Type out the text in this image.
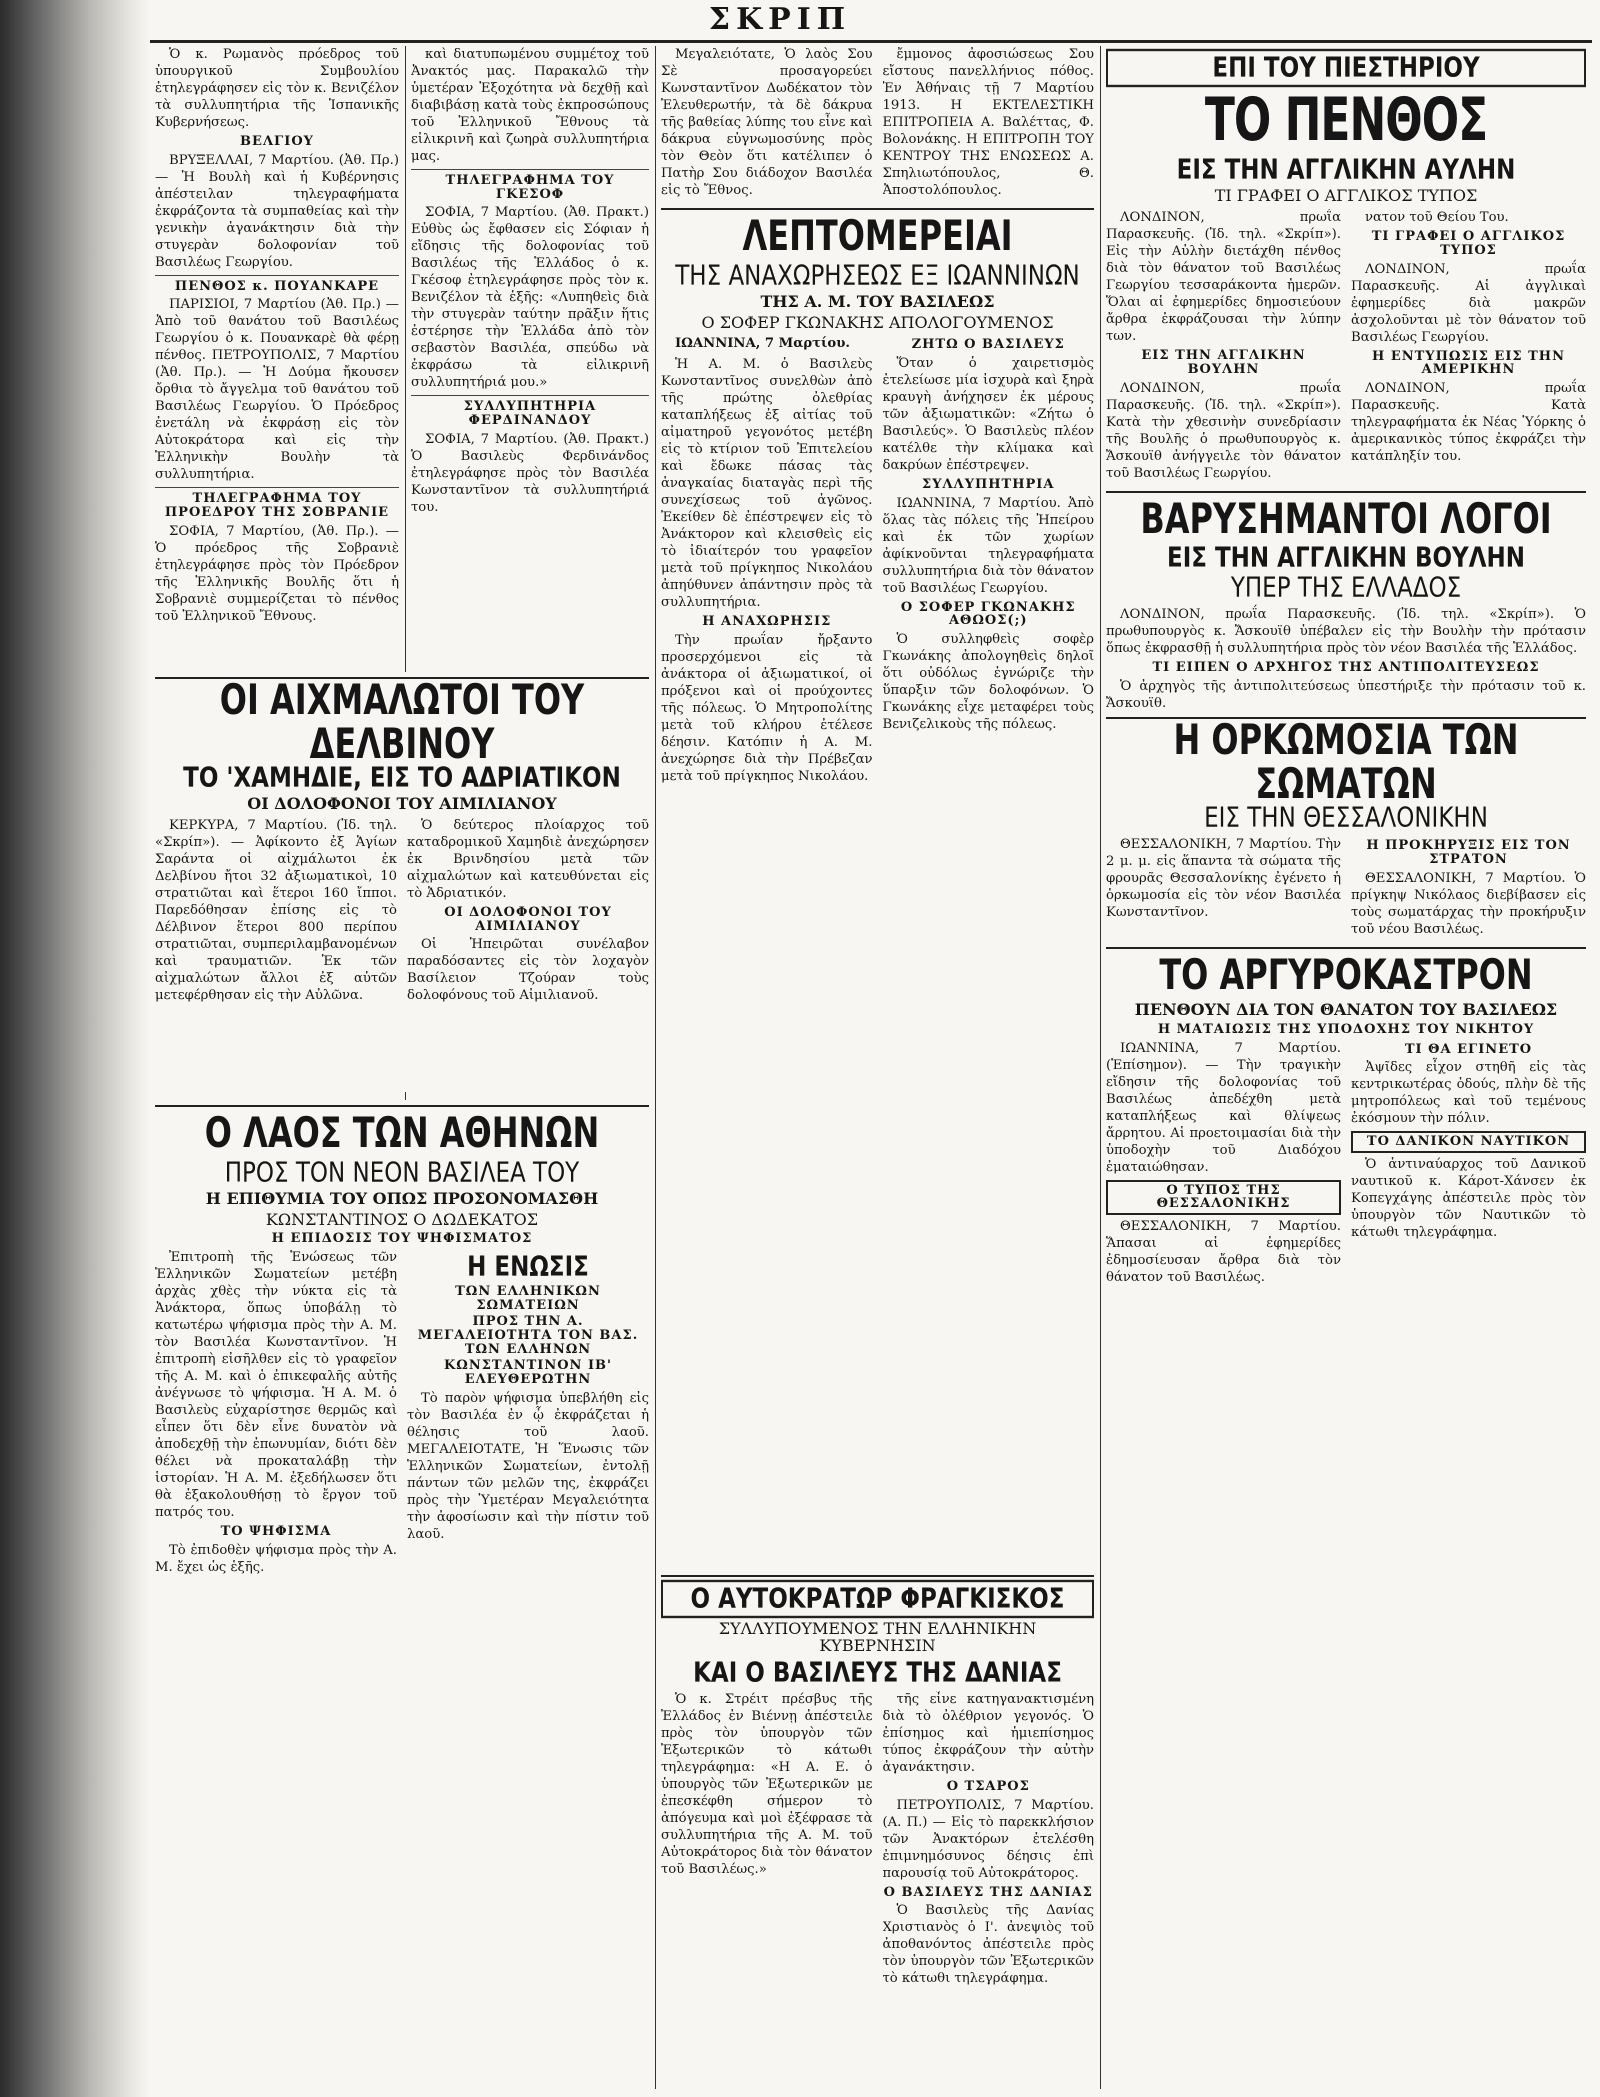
ΣΚΡΙΠ

Ὁ κ. Ρωμανὸς πρόεδρος τοῦ ὑπουργικοῦ Συμβουλίου ἐτηλεγράφησεν εἰς τὸν κ. Βενιζέλον τὰ συλλυπητήρια τῆς Ἰσπανικῆς Κυβερνήσεως.

ΒΕΛΓΙΟΥ

ΒΡΥΞΕΛΛΑΙ, 7 Μαρτίου. (Ἀθ. Πρ.) — Ἡ Βουλὴ καὶ ἡ Κυβέρνησις ἀπέστειλαν τηλεγραφήματα ἐκφράζοντα τὰ συμπαθείας καὶ τὴν γενικὴν ἀγανάκτησιν διὰ τὴν στυγερὰν δολοφονίαν τοῦ Βασιλέως Γεωργίου.

ΠΕΝΘΟΣ κ. ΠΟΥΑΝΚΑΡΕ

ΠΑΡΙΣΙΟΙ, 7 Μαρτίου (Ἀθ. Πρ.) — Ἀπὸ τοῦ θανάτου τοῦ Βασιλέως Γεωργίου ὁ κ. Πουανκαρὲ θὰ φέρῃ πένθος. ΠΕΤΡΟΥΠΟΛΙΣ, 7 Μαρτίου (Ἀθ. Πρ.). — Ἡ Δούμα ἤκουσεν ὄρθια τὸ ἄγγελμα τοῦ θανάτου τοῦ Βασιλέως Γεωργίου. Ὁ Πρόεδρος ἐνετάλη νὰ ἐκφράσῃ εἰς τὸν Αὐτοκράτορα καὶ εἰς τὴν Ἑλληνικὴν Βουλὴν τὰ συλλυπητήρια.

ΤΗΛΕΓΡΑΦΗΜΑ ΤΟΥ ΠΡΟΕΔΡΟΥ ΤΗΣ ΣΟΒΡΑΝΙΕ

ΣΟΦΙΑ, 7 Μαρτίου, (Ἀθ. Πρ.). — Ὁ πρόεδρος τῆς Σοβρανιὲ ἐτηλεγράφησε πρὸς τὸν Πρόεδρον τῆς Ἑλληνικῆς Βουλῆς ὅτι ἡ Σοβρανιὲ συμμερίζεται τὸ πένθος τοῦ Ἑλληνικοῦ Ἔθνους.

καὶ διατυπωμένου συμμέτοχ τοῦ Ἀνακτός μας. Παρακαλῶ τὴν ὑμετέραν Ἐξοχότητα νὰ δεχθῇ καὶ διαβιβάσῃ κατὰ τοὺς ἐκπροσώπους τοῦ Ἑλληνικοῦ Ἔθνους τὰ εἰλικρινῆ καὶ ζωηρὰ συλλυπητήρια μας.

ΤΗΛΕΓΡΑΦΗΜΑ ΤΟΥ ΓΚΕΣΟΦ

ΣΟΦΙΑ, 7 Μαρτίου. (Ἀθ. Πρακτ.) Εὐθὺς ὡς ἔφθασεν εἰς Σόφιαν ἡ εἴδησις τῆς δολοφονίας τοῦ Βασιλέως τῆς Ἑλλάδος ὁ κ. Γκέσοφ ἐτηλεγράφησε πρὸς τὸν κ. Βενιζέλον τὰ ἑξῆς: «Λυπηθεὶς διὰ τὴν στυγερὰν ταύτην πρᾶξιν ἥτις ἐστέρησε τὴν Ἑλλάδα ἀπὸ τὸν σεβαστὸν Βασιλέα, σπεύδω νὰ ἐκφράσω τὰ εἰλικρινῆ συλλυπητήριά μου.»

ΣΥΛΛΥΠΗΤΗΡΙΑ ΦΕΡΔΙΝΑΝΔΟΥ

ΣΟΦΙΑ, 7 Μαρτίου. (Ἀθ. Πρακτ.) Ὁ Βασιλεὺς Φερδινάνδος ἐτηλεγράφησε πρὸς τὸν Βασιλέα Κωνσταντῖνον τὰ συλλυπητήριά του.

ΟΙ ΑΙΧΜΑΛΩΤΟΙ ΤΟΥ ΔΕΛΒΙΝΟΥ
ΤΟ 'ΧΑΜΗΔΙΕ, ΕΙΣ ΤΟ ΑΔΡΙΑΤΙΚΟΝ
ΟΙ ΔΟΛΟΦΟΝΟΙ ΤΟΥ ΑΙΜΙΛΙΑΝΟΥ

ΚΕΡΚΥΡΑ, 7 Μαρτίου. (Ἰδ. τηλ. «Σκρίπ»). — Ἀφίκοντο ἐξ Ἁγίων Σαράντα οἱ αἰχμάλωτοι ἐκ Δελβίνου ἤτοι 32 ἀξιωματικοὶ, 10 στρατιῶται καὶ ἕτεροι 160 ἴπποι. Παρεδόθησαν ἐπίσης εἰς τὸ Δέλβινον ἕτεροι 800 περίπου στρατιῶται, συμπεριλαμβανομένων καὶ τραυματιῶν. Ἐκ τῶν αἰχμαλώτων ἄλλοι ἐξ αὐτῶν μετεφέρθησαν εἰς τὴν Αὐλῶνα.

Ὁ δεύτερος πλοίαρχος τοῦ καταδρομικοῦ Χαμηδιὲ ἀνεχώρησεν ἐκ Βρινδησίου μετὰ τῶν αἰχμαλώτων καὶ κατευθύνεται εἰς τὸ Ἀδριατικόν.

ΟΙ ΔΟΛΟΦΟΝΟΙ ΤΟΥ ΑΙΜΙΛΙΑΝΟΥ

Οἱ Ἠπειρῶται συνέλαβον παραδόσαντες εἰς τὸν λοχαγὸν Βασίλειον Τζούραν τοὺς δολοφόνους τοῦ Αἰμιλιανοῦ.

Ο ΛΑΟΣ ΤΩΝ ΑΘΗΝΩΝ
ΠΡΟΣ ΤΟΝ ΝΕΟΝ ΒΑΣΙΛΕΑ ΤΟΥ
Η ΕΠΙΘΥΜΙΑ ΤΟΥ ΟΠΩΣ ΠΡΟΣΟΝΟΜΑΣΘΗ
ΚΩΝΣΤΑΝΤΙΝΟΣ Ο ΔΩΔΕΚΑΤΟΣ
Η ΕΠΙΔΟΣΙΣ ΤΟΥ ΨΗΦΙΣΜΑΤΟΣ

Ἐπιτροπὴ τῆς Ἑνώσεως τῶν Ἑλληνικῶν Σωματείων μετέβη ἀρχὰς χθὲς τὴν νύκτα εἰς τὰ Ἀνάκτορα, ὅπως ὑποβάλῃ τὸ κατωτέρω ψήφισμα πρὸς τὴν Α. Μ. τὸν Βασιλέα Κωνσταντῖνον. Ἡ ἐπιτροπὴ εἰσῆλθεν εἰς τὸ γραφεῖον τῆς Α. Μ. καὶ ὁ ἐπικεφαλῆς αὐτῆς ἀνέγνωσε τὸ ψήφισμα. Ἡ Α. Μ. ὁ Βασιλεὺς εὐχαρίστησε θερμῶς καὶ εἶπεν ὅτι δὲν εἶνε δυνατὸν νὰ ἀποδεχθῇ τὴν ἐπωνυμίαν, διότι δὲν θέλει νὰ προκαταλάβῃ τὴν ἱστορίαν. Ἡ Α. Μ. ἐξεδήλωσεν ὅτι θὰ ἐξακολουθήσῃ τὸ ἔργον τοῦ πατρός του.

ΤΟ ΨΗΦΙΣΜΑ

Τὸ ἐπιδοθὲν ψήφισμα πρὸς τὴν Α. Μ. ἔχει ὡς ἑξῆς.

Η ΕΝΩΣΙΣ
ΤΩΝ ΕΛΛΗΝΙΚΩΝ ΣΩΜΑΤΕΙΩΝ
ΠΡΟΣ ΤΗΝ Α. ΜΕΓΑΛΕΙΟΤΗΤΑ ΤΟΝ ΒΑΣ. ΤΩΝ ΕΛΛΗΝΩΝ
ΚΩΝΣΤΑΝΤΙΝΟΝ ΙΒ' ΕΛΕΥΘΕΡΩΤΗΝ

Τὸ παρὸν ψήφισμα ὑπεβλήθη εἰς τὸν Βασιλέα ἐν ᾧ ἐκφράζεται ἡ θέλησις τοῦ λαοῦ. ΜΕΓΑΛΕΙΟΤΑΤΕ, Ἡ Ἕνωσις τῶν Ἑλληνικῶν Σωματείων, ἐντολῇ πάντων τῶν μελῶν της, ἐκφράζει πρὸς τὴν Ὑμετέραν Μεγαλειότητα τὴν ἀφοσίωσιν καὶ τὴν πίστιν τοῦ λαοῦ.

Μεγαλειότατε, Ὁ λαὸς Σου Σὲ προσαγορεύει Κωνσταντῖνον Δωδέκατον τὸν Ἐλευθερωτήν, τὰ δὲ δάκρυα τῆς βαθείας λύπης του εἶνε καὶ δάκρυα εὐγνωμοσύνης πρὸς τὸν Θεὸν ὅτι κατέλιπεν ὁ Πατὴρ Σου διάδοχον Βασιλέα εἰς τὸ Ἔθνος.

ἔμμονος ἀφοσιώσεως Σου εἴστους πανελλήνιος πόθος. Ἐν Ἀθήναις τῇ 7 Μαρτίου 1913. Η ΕΚΤΕΛΕΣΤΙΚΗ ΕΠΙΤΡΟΠΕΙΑ Α. Βαλέττας, Φ. Βολονάκης. Η ΕΠΙΤΡΟΠΗ ΤΟΥ ΚΕΝΤΡΟΥ ΤΗΣ ΕΝΩΣΕΩΣ Α. Σπηλιωτόπουλος, Θ. Ἀποστολόπουλος.

ΛΕΠΤΟΜΕΡΕΙΑΙ
ΤΗΣ ΑΝΑΧΩΡΗΣΕΩΣ ΕΞ ΙΩΑΝΝΙΝΩΝ
ΤΗΣ Α. Μ. ΤΟΥ ΒΑΣΙΛΕΩΣ
Ο ΣΟΦΕΡ ΓΚΩΝΑΚΗΣ ΑΠΟΛΟΓΟΥΜΕΝΟΣ

ΙΩΑΝΝΙΝΑ, 7 Μαρτίου.

Ἡ Α. Μ. ὁ Βασιλεὺς Κωνσταντῖνος συνελθὼν ἀπὸ τῆς πρώτης ὀλεθρίας καταπλήξεως ἐξ αἰτίας τοῦ αἰματηροῦ γεγονότος μετέβη εἰς τὸ κτίριον τοῦ Ἐπιτελείου καὶ ἔδωκε πάσας τὰς ἀναγκαίας διαταγὰς περὶ τῆς συνεχίσεως τοῦ ἀγῶνος. Ἐκείθεν δὲ ἐπέστρεψεν εἰς τὸ Ἀνάκτορον καὶ κλεισθεὶς εἰς τὸ ἰδιαίτερόν του γραφεῖον μετὰ τοῦ πρίγκηπος Νικολάου ἀπηύθυνεν ἀπάντησιν πρὸς τὰ συλλυπητήρια.

Η ΑΝΑΧΩΡΗΣΙΣ

Τὴν πρωΐαν ἤρξαντο προσερχόμενοι εἰς τὰ ἀνάκτορα οἱ ἀξιωματικοί, οἱ πρόξενοι καὶ οἱ προύχοντες τῆς πόλεως. Ὁ Μητροπολίτης μετὰ τοῦ κλήρου ἐτέλεσε δέησιν. Κατόπιν ἡ Α. Μ. ἀνεχώρησε διὰ τὴν Πρέβεζαν μετὰ τοῦ πρίγκηπος Νικολάου.

ΖΗΤΩ Ο ΒΑΣΙΛΕΥΣ

Ὅταν ὁ χαιρετισμὸς ἐτελείωσε μία ἰσχυρὰ καὶ ξηρὰ κραυγὴ ἀνήχησεν ἐκ μέρους τῶν ἀξιωματικῶν: «Ζήτω ὁ Βασιλεύς». Ὁ Βασιλεὺς πλέον κατέλθε τὴν κλίμακα καὶ δακρύων ἐπέστρεψεν.

ΣΥΛΛΥΠΗΤΗΡΙΑ

ΙΩΑΝΝΙΝΑ, 7 Μαρτίου. Ἀπὸ ὅλας τὰς πόλεις τῆς Ἠπείρου καὶ ἐκ τῶν χωρίων ἀφίκνοῦνται τηλεγραφήματα συλλυπητήρια διὰ τὸν θάνατον τοῦ Βασιλέως Γεωργίου.

Ο ΣΟΦΕΡ ΓΚΩΝΑΚΗΣ ΑΘΩΟΣ(;)

Ὁ συλληφθεὶς σοφὲρ Γκωνάκης ἀπολογηθεὶς δηλοῖ ὅτι οὐδόλως ἐγνώριζε τὴν ὕπαρξιν τῶν δολοφόνων. Ὁ Γκωνάκης εἶχε μεταφέρει τοὺς Βενιζελικοὺς τῆς πόλεως.

Ο ΑΥΤΟΚΡΑΤΩΡ ΦΡΑΓΚΙΣΚΟΣ
ΣΥΛΛΥΠΟΥΜΕΝΟΣ ΤΗΝ ΕΛΛΗΝΙΚΗΝ ΚΥΒΕΡΝΗΣΙΝ
ΚΑΙ Ο ΒΑΣΙΛΕΥΣ ΤΗΣ ΔΑΝΙΑΣ

Ὁ κ. Στρέιτ πρέσβυς τῆς Ἑλλάδος ἐν Βιέννῃ ἀπέστειλε πρὸς τὸν ὑπουργὸν τῶν Ἐξωτερικῶν τὸ κάτωθι τηλεγράφημα: «Η Α. Ε. ὁ ὑπουργὸς τῶν Ἐξωτερικῶν με ἐπεσκέφθη σήμερον τὸ ἀπόγευμα καὶ μοὶ ἐξέφρασε τὰ συλλυπητήρια τῆς Α. Μ. τοῦ Αὐτοκράτορος διὰ τὸν θάνατον τοῦ Βασιλέως.»

τῆς εἶνε κατηγανακτισμένη διὰ τὸ ὀλέθριον γεγονός. Ὁ ἐπίσημος καὶ ἡμιεπίσημος τύπος ἐκφράζουν τὴν αὐτὴν ἀγανάκτησιν.

Ο ΤΣΑΡΟΣ

ΠΕΤΡΟΥΠΟΛΙΣ, 7 Μαρτίου. (Α. Π.) — Εἰς τὸ παρεκκλήσιον τῶν Ἀνακτόρων ἐτελέσθη ἐπιμνημόσυνος δέησις ἐπὶ παρουσίᾳ τοῦ Αὐτοκράτορος.

Ο ΒΑΣΙΛΕΥΣ ΤΗΣ ΔΑΝΙΑΣ

Ὁ Βασιλεὺς τῆς Δανίας Χριστιανὸς ὁ Ι'. ἀνεψιὸς τοῦ ἀποθανόντος ἀπέστειλε πρὸς τὸν ὑπουργὸν τῶν Ἐξωτερικῶν τὸ κάτωθι τηλεγράφημα.

ΕΠΙ ΤΟΥ ΠΙΕΣΤΗΡΙΟΥ
ΤΟ ΠΕΝΘΟΣ
ΕΙΣ ΤΗΝ ΑΓΓΛΙΚΗΝ ΑΥΛΗΝ
ΤΙ ΓΡΑΦΕΙ Ο ΑΓΓΛΙΚΟΣ ΤΥΠΟΣ

ΛΟΝΔΙΝΟΝ, πρωΐα Παρασκευῆς. (Ἰδ. τηλ. «Σκρίπ»). Εἰς τὴν Αὐλὴν διετάχθη πένθος διὰ τὸν θάνατον τοῦ Βασιλέως Γεωργίου τεσσαράκοντα ἡμερῶν. Ὅλαι αἱ ἐφημερίδες δημοσιεύουν ἄρθρα ἐκφράζουσαι τὴν λύπην των.

ΕΙΣ ΤΗΝ ΑΓΓΛΙΚΗΝ ΒΟΥΛΗΝ

ΛΟΝΔΙΝΟΝ, πρωΐα Παρασκευῆς. (Ἰδ. τηλ. «Σκρίπ»). Κατὰ τὴν χθεσινὴν συνεδρίασιν τῆς Βουλῆς ὁ πρωθυπουργὸς κ. Ἄσκουϊθ ἀνήγγειλε τὸν θάνατον τοῦ Βασιλέως Γεωργίου.

νατον τοῦ Θείου Του.

ΤΙ ΓΡΑΦΕΙ Ο ΑΓΓΛΙΚΟΣ ΤΥΠΟΣ

ΛΟΝΔΙΝΟΝ, πρωΐα Παρασκευῆς. Αἱ ἀγγλικαὶ ἐφημερίδες διὰ μακρῶν ἀσχολοῦνται μὲ τὸν θάνατον τοῦ Βασιλέως Γεωργίου.

Η ΕΝΤΥΠΩΣΙΣ ΕΙΣ ΤΗΝ ΑΜΕΡΙΚΗΝ

ΛΟΝΔΙΝΟΝ, πρωΐα Παρασκευῆς. Κατὰ τηλεγραφήματα ἐκ Νέας Ὑόρκης ὁ ἀμερικανικὸς τύπος ἐκφράζει τὴν κατάπληξίν του.

ΒΑΡΥΣΗΜΑΝΤΟΙ ΛΟΓΟΙ
ΕΙΣ ΤΗΝ ΑΓΓΛΙΚΗΝ ΒΟΥΛΗΝ
ΥΠΕΡ ΤΗΣ ΕΛΛΑΔΟΣ

ΛΟΝΔΙΝΟΝ, πρωΐα Παρασκευῆς. (Ἰδ. τηλ. «Σκρίπ»). Ὁ πρωθυπουργὸς κ. Ἄσκουϊθ ὑπέβαλεν εἰς τὴν Βουλὴν τὴν πρότασιν ὅπως ἐκφρασθῇ ἡ συλλυπητήρια πρὸς τὸν νέον Βασιλέα τῆς Ἑλλάδος.

ΤΙ ΕΙΠΕΝ Ο ΑΡΧΗΓΟΣ ΤΗΣ ΑΝΤΙΠΟΛΙΤΕΥΣΕΩΣ

Ὁ ἀρχηγὸς τῆς ἀντιπολιτεύσεως ὑπεστήριξε τὴν πρότασιν τοῦ κ. Ἄσκουϊθ.

Η ΟΡΚΩΜΟΣΙΑ ΤΩΝ ΣΩΜΑΤΩΝ
ΕΙΣ ΤΗΝ ΘΕΣΣΑΛΟΝΙΚΗΝ

ΘΕΣΣΑΛΟΝΙΚΗ, 7 Μαρτίου. Τὴν 2 μ. μ. εἰς ἅπαντα τὰ σώματα τῆς φρουρᾶς Θεσσαλονίκης ἐγένετο ἡ ὁρκωμοσία εἰς τὸν νέον Βασιλέα Κωνσταντῖνον.

Η ΠΡΟΚΗΡΥΞΙΣ ΕΙΣ ΤΟΝ ΣΤΡΑΤΟΝ

ΘΕΣΣΑΛΟΝΙΚΗ, 7 Μαρτίου. Ὁ πρίγκηψ Νικόλαος διεβίβασεν εἰς τοὺς σωματάρχας τὴν προκήρυξιν τοῦ νέου Βασιλέως.

ΤΟ ΑΡΓΥΡΟΚΑΣΤΡΟΝ
ΠΕΝΘΟΥΝ ΔΙΑ ΤΟΝ ΘΑΝΑΤΟΝ ΤΟΥ ΒΑΣΙΛΕΩΣ
Η ΜΑΤΑΙΩΣΙΣ ΤΗΣ ΥΠΟΔΟΧΗΣ ΤΟΥ ΝΙΚΗΤΟΥ

ΙΩΑΝΝΙΝΑ, 7 Μαρτίου. (Ἐπίσημον). — Τὴν τραγικὴν εἴδησιν τῆς δολοφονίας τοῦ Βασιλέως ἀπεδέχθη μετὰ καταπλήξεως καὶ θλίψεως ἄρρητου. Αἱ προετοιμασίαι διὰ τὴν ὑποδοχὴν τοῦ Διαδόχου ἐματαιώθησαν.

Ο ΤΥΠΟΣ ΤΗΣ ΘΕΣΣΑΛΟΝΙΚΗΣ

ΘΕΣΣΑΛΟΝΙΚΗ, 7 Μαρτίου. Ἅπασαι αἱ ἐφημερίδες ἐδημοσίευσαν ἄρθρα διὰ τὸν θάνατον τοῦ Βασιλέως.

ΤΙ ΘΑ ΕΓΙΝΕΤΟ

Ἀψῖδες εἶχον στηθῆ εἰς τὰς κεντρικωτέρας ὁδούς, πλὴν δὲ τῆς μητροπόλεως καὶ τοῦ τεμένους ἐκόσμουν τὴν πόλιν.

ΤΟ ΔΑΝΙΚΟΝ ΝΑΥΤΙΚΟΝ

Ὁ ἀντιναύαρχος τοῦ Δανικοῦ ναυτικοῦ κ. Κάροτ-Χάνσεν ἐκ Κοπεγχάγης ἀπέστειλε πρὸς τὸν ὑπουργὸν τῶν Ναυτικῶν τὸ κάτωθι τηλεγράφημα.
